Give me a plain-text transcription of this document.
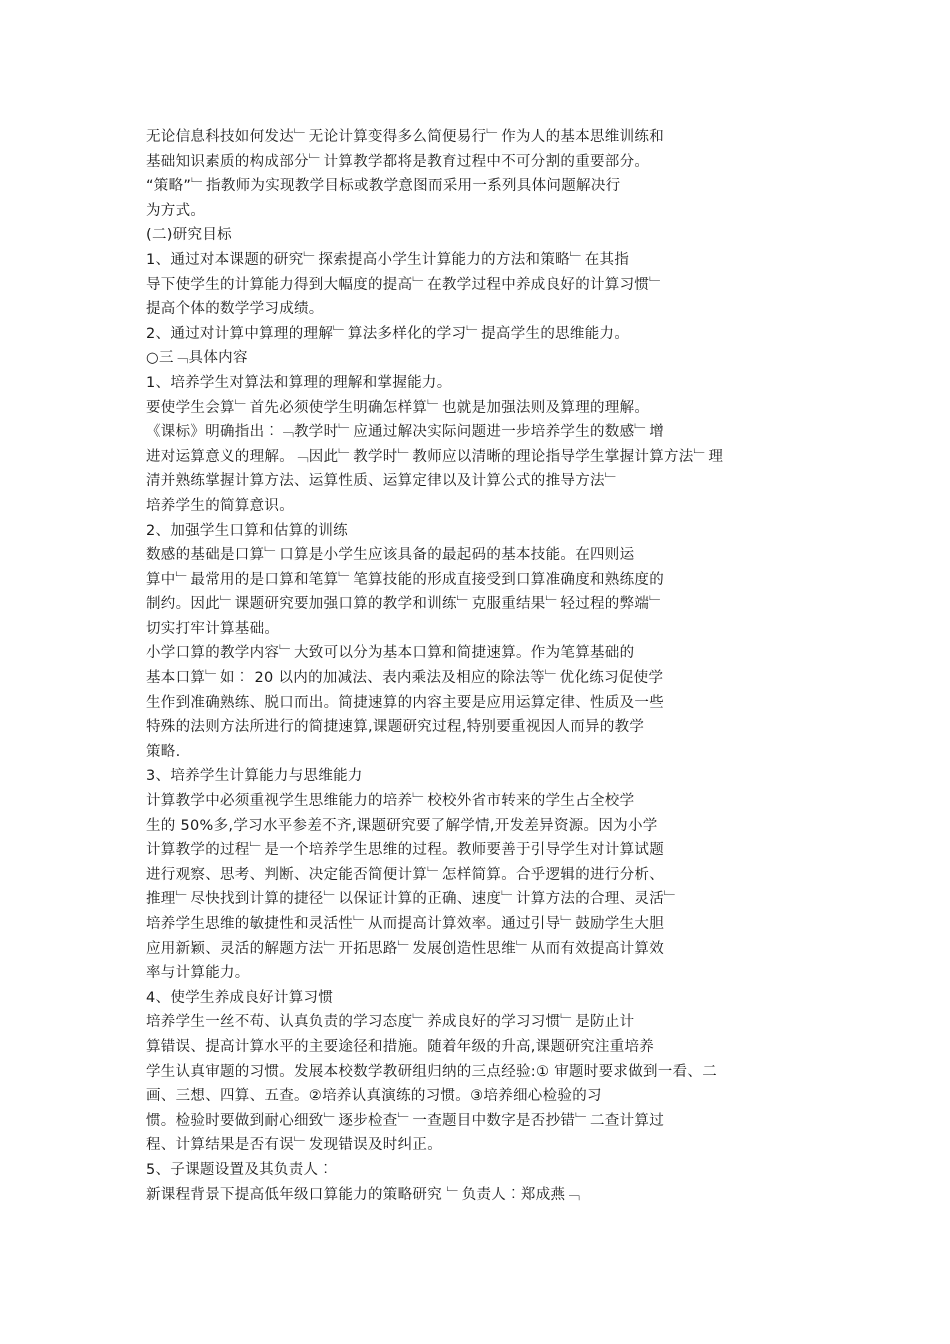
无论信息科技如何发达﹂无论计算变得多么简便易行﹂作为人的基本思维训练和
基础知识素质的构成部分﹂计算教学都将是教育过程中不可分割的重要部分。
“策略”﹂指教师为实现教学目标或教学意图而采用一系列具体问题解决行
为方式。
(二)研究目标
1、通过对本课题的研究﹂探索提高小学生计算能力的方法和策略﹂在其指
导下使学生的计算能力得到大幅度的提高﹂在教学过程中养成良好的计算习惯﹂
提高个体的数学学习成绩。
2、通过对计算中算理的理解﹂算法多样化的学习﹂提高学生的思维能力。
○三﹁具体内容
1、培养学生对算法和算理的理解和掌握能力。
要使学生会算﹂首先必须使学生明确怎样算﹂也就是加强法则及算理的理解。
《课标》明确指出︰﹁教学时﹂应通过解决实际问题进一步培养学生的数感﹂增
进对运算意义的理解。﹁因此﹂教学时﹂教师应以清晰的理论指导学生掌握计算方法﹂理
清并熟练掌握计算方法、运算性质、运算定律以及计算公式的推导方法﹂
培养学生的简算意识。
2、加强学生口算和估算的训练
数感的基础是口算﹂口算是小学生应该具备的最起码的基本技能。在四则运
算中﹂最常用的是口算和笔算﹂笔算技能的形成直接受到口算准确度和熟练度的
制约。因此﹂课题研究要加强口算的教学和训练﹂克服重结果﹂轻过程的弊端﹂
切实打牢计算基础。
小学口算的教学内容﹂大致可以分为基本口算和简捷速算。作为笔算基础的
基本口算﹂如︰ 20 以内的加减法、表内乘法及相应的除法等﹂优化练习促使学
生作到准确熟练、脱口而出。简捷速算的内容主要是应用运算定律、性质及一些
特殊的法则方法所进行的简捷速算,课题研究过程,特别要重视因人而异的教学
策略.
3、培养学生计算能力与思维能力
计算教学中必须重视学生思维能力的培养﹂校校外省市转来的学生占全校学
生的 50%多,学习水平参差不齐,课题研究要了解学情,开发差异资源。因为小学
计算教学的过程﹂是一个培养学生思维的过程。教师要善于引导学生对计算试题
进行观察、思考、判断、决定能否简便计算﹂怎样简算。合乎逻辑的进行分析、
推理﹂尽快找到计算的捷径﹂以保证计算的正确、速度﹂计算方法的合理、灵活﹂
培养学生思维的敏捷性和灵活性﹂从而提高计算效率。通过引导﹂鼓励学生大胆
应用新颖、灵活的解题方法﹂开拓思路﹂发展创造性思维﹂从而有效提高计算效
率与计算能力。
4、使学生养成良好计算习惯
培养学生一丝不苟、认真负责的学习态度﹂养成良好的学习习惯﹂是防止计
算错误、提高计算水平的主要途径和措施。随着年级的升高,课题研究注重培养
学生认真审题的习惯。发展本校数学教研组归纳的三点经验:① 审题时要求做到一看、二
画、三想、四算、五查。②培养认真演练的习惯。③培养细心检验的习
惯。检验时要做到耐心细致﹂逐步检查﹂一查题目中数字是否抄错﹂二查计算过
程、计算结果是否有误﹂发现错误及时纠正。
5、子课题设置及其负责人︰
新课程背景下提高低年级口算能力的策略研究 ﹂负责人︰郑成燕﹁
